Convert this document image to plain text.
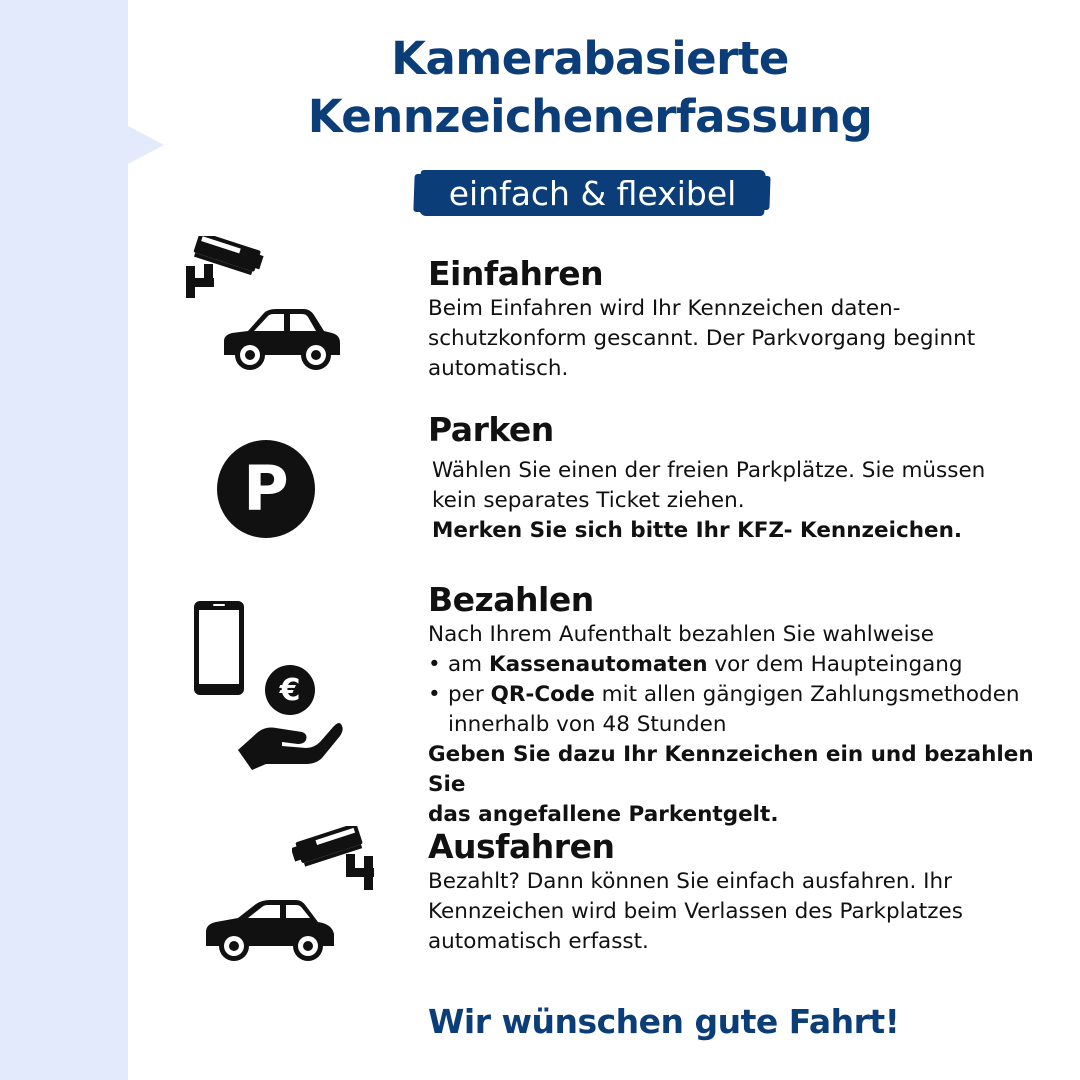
Kamerabasierte
Kennzeichenerfassung
einfach & flexibel
Einfahren

Beim Einfahren wird Ihr Kennzeichen daten-

schutzkonform gescannt. Der Parkvorgang beginnt

automatisch.

P
Parken

Wählen Sie einen der freien Parkplätze. Sie müssen

kein separates Ticket ziehen.

Merken Sie sich bitte Ihr KFZ- Kennzeichen.

€
Bezahlen

Nach Ihrem Aufenthalt bezahlen Sie wahlweise

• am Kassenautomaten vor dem Haupteingang
• per QR-Code mit allen gängigen Zahlungsmethoden
innerhalb von 48 Stunden

Geben Sie dazu Ihr Kennzeichen ein und bezahlen Sie

das angefallene Parkentgelt.

Ausfahren

Bezahlt? Dann können Sie einfach ausfahren. Ihr

Kennzeichen wird beim Verlassen des Parkplatzes

automatisch erfasst.

Wir wünschen gute Fahrt!
